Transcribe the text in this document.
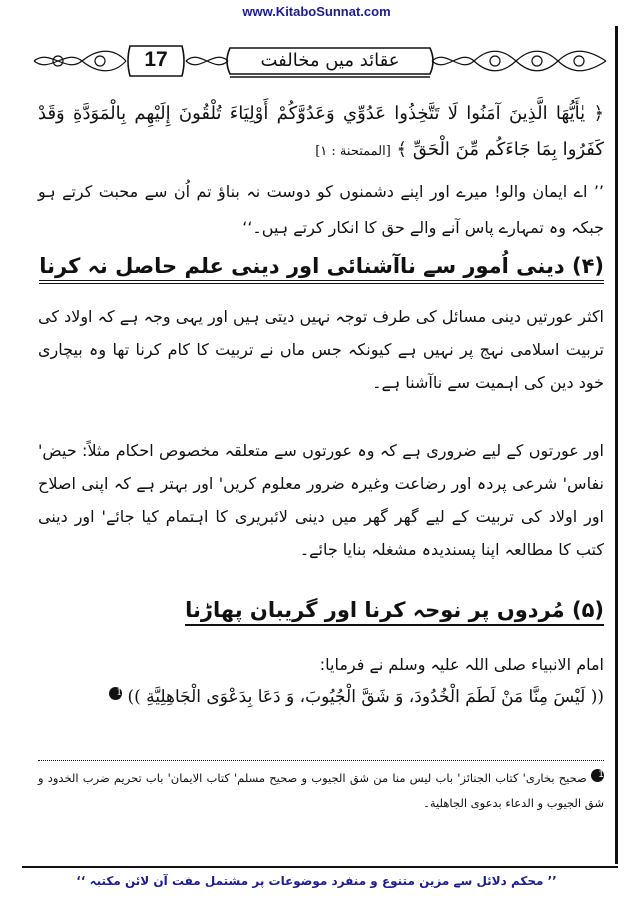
www.KitaboSunnat.com
17	عقائد میں مخالفت
﴿ يٰأَيُّهَا الَّذِينَ آمَنُوا لَا تَتَّخِذُوا عَدُوِّي وَعَدُوَّكُمْ أَوْلِيَاءَ تُلْقُونَ إِلَيْهِم بِالْمَوَدَّةِ وَقَدْ كَفَرُوا بِمَا جَاءَكُم مِّنَ الْحَقِّ ﴾ [الممتحنة : ١]
’’ اے ایمان والو! میرے اور اپنے دشمنوں کو دوست نہ بناؤ تم اُن سے محبت کرتے ہو جبکہ وہ تمہارے پاس آنے والے حق کا انکار کرتے ہیں۔‘‘
(۴) دینی اُمور سے ناآشنائی اور دینی علم حاصل نہ کرنا
اکثر عورتیں دینی مسائل کی طرف توجہ نہیں دیتی ہیں اور یہی وجہ ہے کہ اولاد کی تربیت اسلامی نہج پر نہیں ہے کیونکہ جس ماں نے تربیت کا کام کرنا تھا وہ بیچاری خود دین کی اہمیت سے ناآشنا ہے۔
اور عورتوں کے لیے ضروری ہے کہ وہ عورتوں سے متعلقہ مخصوص احکام مثلاً: حیض' نفاس' شرعی پردہ اور رضاعت وغیرہ ضرور معلوم کریں' اور بہتر ہے کہ اپنی اصلاح اور اولاد کی تربیت کے لیے گھر گھر میں دینی لائبریری کا اہتمام کیا جائے' اور دینی کتب کا مطالعہ اپنا پسندیدہ مشغلہ بنایا جائے۔
(۵) مُردوں پر نوحہ کرنا اور گریبان پھاڑنا
امام الانبیاء صلی اللہ علیہ وسلم نے فرمایا:
(( لَيْسَ مِنَّا مَنْ لَطَمَ الْخُدُودَ، وَ شَقَّ الْجُيُوبَ، وَ دَعَا بِدَعْوَى الْجَاهِلِيَّةِ )) 1
1 صحیح بخاری' کتاب الجنائز' باب لیس منا من شق الجیوب و صحیح مسلم' کتاب الایمان' باب تحریم ضرب الخدود و شق الجیوب و الدعاء بدعوی الجاهلیة۔
’’ محکم دلائل سے مزین متنوع و منفرد موضوعات پر مشتمل مفت آن لائن مکتبہ ‘‘
